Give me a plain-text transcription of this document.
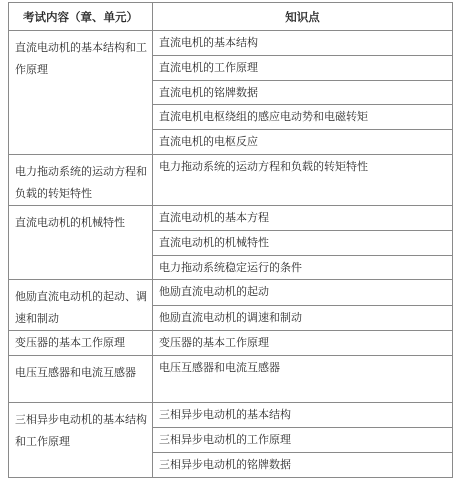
考试内容（章、单元）	知识点
直流电动机的基本结构和工作原理	直流电机的基本结构
	直流电机的工作原理
	直流电机的铭牌数据
	直流电机电枢绕组的感应电动势和电磁转矩
	直流电机的电枢反应
电力拖动系统的运动方程和负载的转矩特性	电力拖动系统的运动方程和负载的转矩特性
直流电动机的机械特性	直流电动机的基本方程
	直流电动机的机械特性
	电力拖动系统稳定运行的条件
他励直流电动机的起动、调速和制动	他励直流电动机的起动
	他励直流电动机的调速和制动
变压器的基本工作原理	变压器的基本工作原理
电压互感器和电流互感器	电压互感器和电流互感器
三相异步电动机的基本结构和工作原理	三相异步电动机的基本结构
	三相异步电动机的工作原理
	三相异步电动机的铭牌数据
